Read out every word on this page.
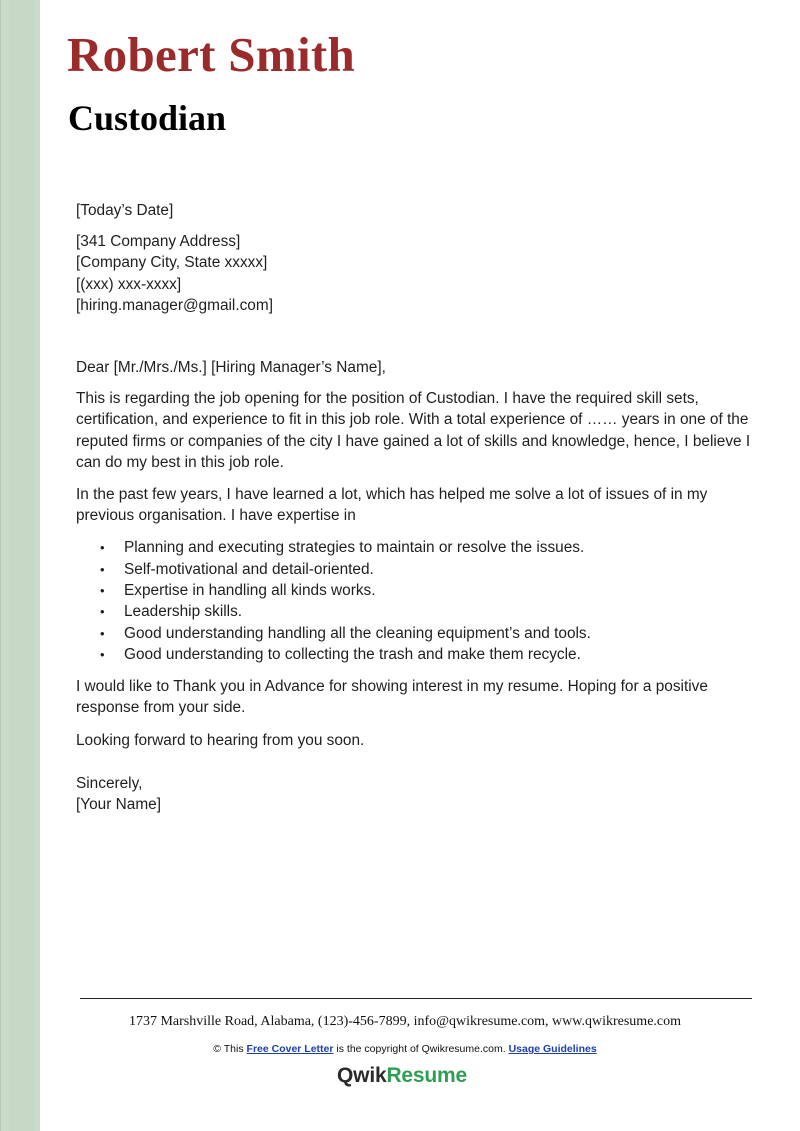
Robert Smith
Custodian

[Today’s Date]

[341 Company Address]
[Company City, State xxxxx]
[(xxx) xxx-xxxx]
[hiring.manager@gmail.com]

Dear [Mr./Mrs./Ms.] [Hiring Manager’s Name],

This is regarding the job opening for the position of Custodian. I have the required skill sets, certification, and experience to fit in this job role. With a total experience of …… years in one of the reputed firms or companies of the city I have gained a lot of skills and knowledge, hence, I believe I can do my best in this job role.

In the past few years, I have learned a lot, which has helped me solve a lot of issues of in my previous organisation. I have expertise in

• Planning and executing strategies to maintain or resolve the issues.
• Self-motivational and detail-oriented.
• Expertise in handling all kinds works.
• Leadership skills.
• Good understanding handling all the cleaning equipment’s and tools.
• Good understanding to collecting the trash and make them recycle.

I would like to Thank you in Advance for showing interest in my resume. Hoping for a positive response from your side.

Looking forward to hearing from you soon.

Sincerely,

[Your Name]

1737 Marshville Road, Alabama, (123)-456-7899, info@qwikresume.com, www.qwikresume.com
© This Free Cover Letter is the copyright of Qwikresume.com. Usage Guidelines
QwikResume
